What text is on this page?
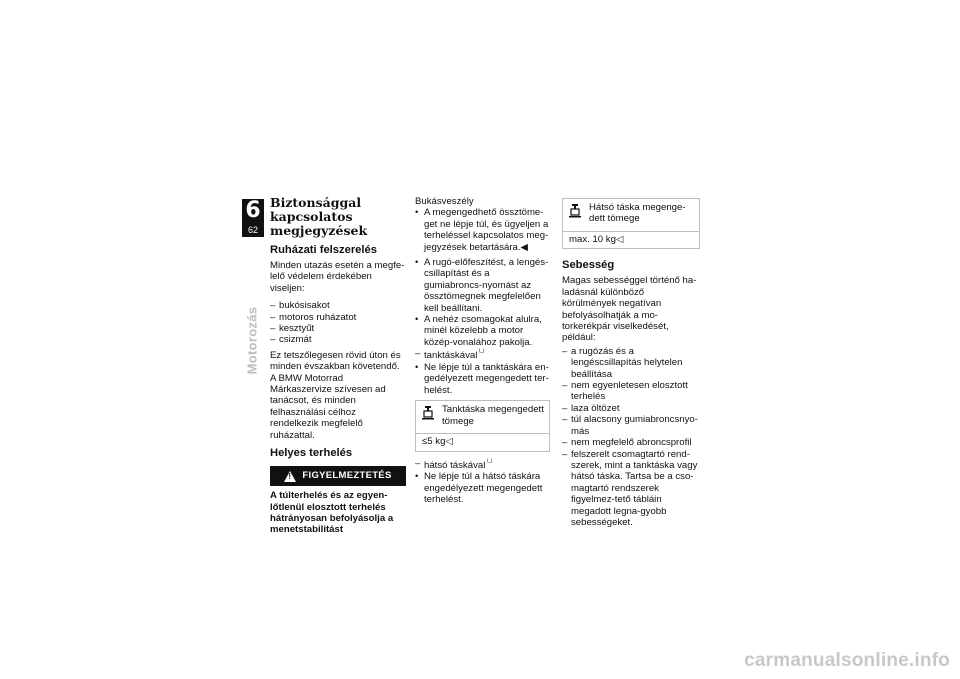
6
62
Motorozás
Biztonsággal kapcsolatos megjegyzések
Ruházati felszerelés

Minden utazás esetén a megfe-lelő védelem érdekében viseljen:

– bukósisakot
– motoros ruházatot
– kesztyűt
– csizmát

Ez tetszőlegesen rövid úton és minden évszakban követendő. A BMW Motorrad Márkaszervize szívesen ad tanácsot, és minden felhasználási célhoz rendelkezik megfelelő ruházattal.

Helyes terhelés
!
FIGYELMEZTETÉS
A túlterhelés és az egyen-lőtlenül elosztott terhelés hátrányosan befolyásolja a menetstabilitást
Bukásveszély
• A megengedhető össztöme-get ne lépje túl, és ügyeljen a terheléssel kapcsolatos meg-jegyzések betartására.◀
• A rugó-előfeszítést, a lengés-csillapítást és a gumiabroncs-nyomást az össztömegnek megfelelően kell beállítani.
• A nehéz csomagokat alulra, minél közelebb a motor közép-vonalához pakolja.
– tanktáskával└┘
• Ne lépje túl a tanktáskára en-gedélyezett megengedett ter-helést.
Tanktáska megengedett tömege
≤5 kg◁
– hátsó táskával└┘
• Ne lépje túl a hátsó táskára engedélyezett megengedett terhelést.
Hátsó táska megenge-dett tömege
max. 10 kg◁
Sebesség

Magas sebességgel történő ha-ladásnál különböző körülmények negatívan befolyásolhatják a mo-torkerékpár viselkedését, például:

– a rugózás és a lengéscsillapítás helytelen beállítása
– nem egyenletesen elosztott terhelés
– laza öltözet
– túl alacsony gumiabroncsnyo-más
– nem megfelelő abroncsprofil
– felszerelt csomagtartó rend-szerek, mint a tanktáska vagy hátsó táska. Tartsa be a cso-magtartó rendszerek figyelmez-tető tábláin megadott legna-gyobb sebességeket.
carmanualsonline.info
